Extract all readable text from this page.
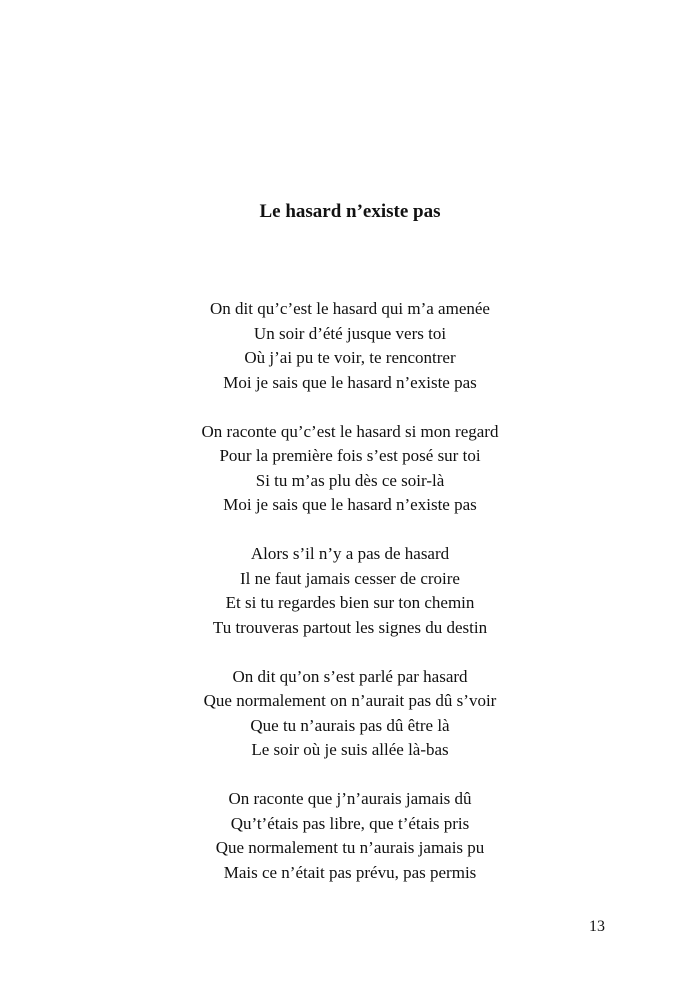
Le hasard n’existe pas
On dit qu’c’est le hasard qui m’a amenée
Un soir d’été jusque vers toi
Où j’ai pu te voir, te rencontrer
Moi je sais que le hasard n’existe pas
On raconte qu’c’est le hasard si mon regard
Pour la première fois s’est posé sur toi
Si tu m’as plu dès ce soir-là
Moi je sais que le hasard n’existe pas
Alors s’il n’y a pas de hasard
Il ne faut jamais cesser de croire
Et si tu regardes bien sur ton chemin
Tu trouveras partout les signes du destin
On dit qu’on s’est parlé par hasard
Que normalement on n’aurait pas dû s’voir
Que tu n’aurais pas dû être là
Le soir où je suis allée là-bas
On raconte que j’n’aurais jamais dû
Qu’t’étais pas libre, que t’étais pris
Que normalement tu n’aurais jamais pu
Mais ce n’était pas prévu, pas permis
13
